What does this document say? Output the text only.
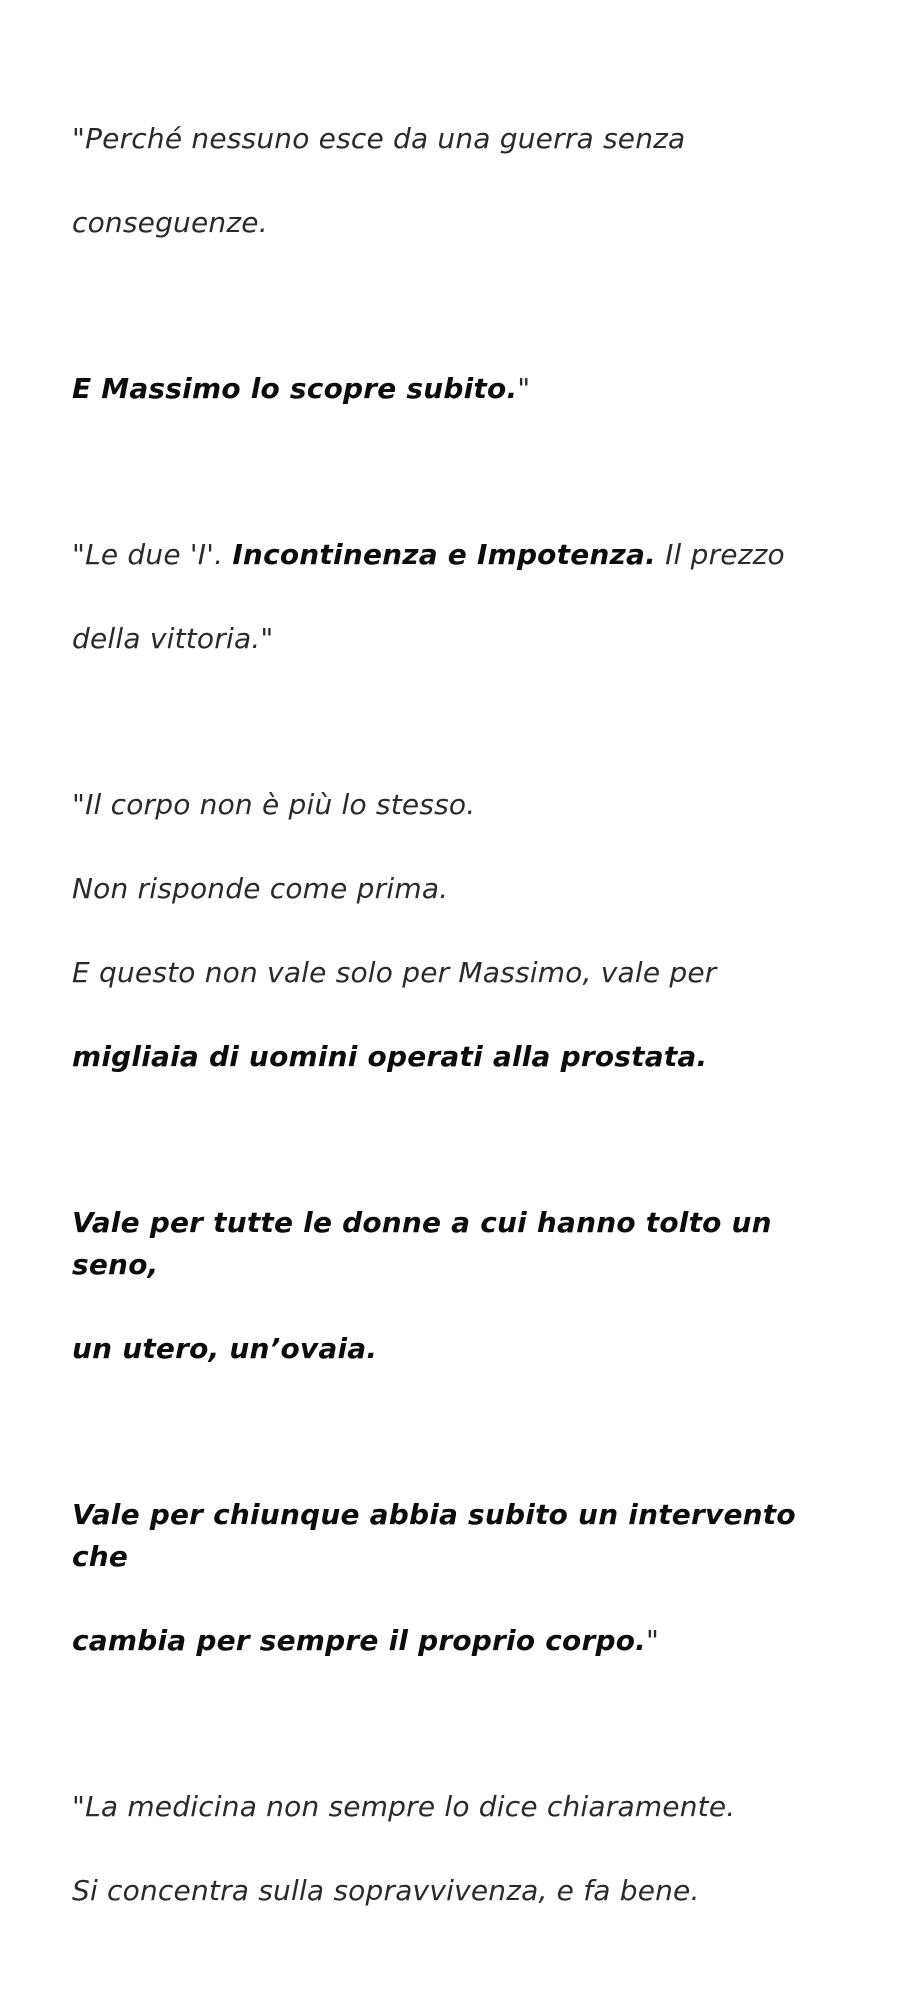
"Perché nessuno esce da una guerra senza

conseguenze.

E Massimo lo scopre subito."

"Le due 'I'. Incontinenza e Impotenza. Il prezzo

della vittoria."

"Il corpo non è più lo stesso.

Non risponde come prima.

E questo non vale solo per Massimo, vale per

migliaia di uomini operati alla prostata.

Vale per tutte le donne a cui hanno tolto un seno,

un utero, un’ovaia.

Vale per chiunque abbia subito un intervento che

cambia per sempre il proprio corpo."

"La medicina non sempre lo dice chiaramente.

Si concentra sulla sopravvivenza, e fa bene.
